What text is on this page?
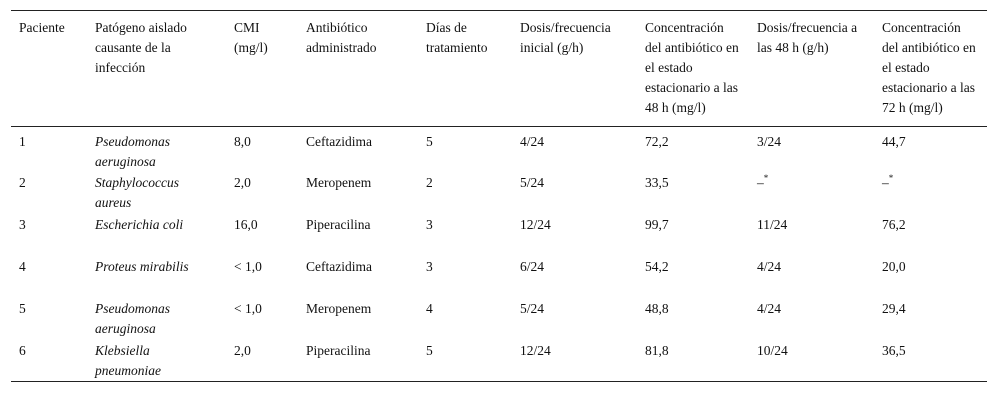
Paciente	Patógeno aislado causante de la infección	CMI (mg/l)	Antibiótico administrado	Días de tratamiento	Dosis/frecuencia inicial (g/h)	Concentración del antibiótico en el estado estacionario a las 48 h (mg/l)	Dosis/frecuencia a las 48 h (g/h)	Concentración del antibiótico en el estado estacionario a las 72 h (mg/l)
1	Pseudomonas aeruginosa	8,0	Ceftazidima	5	4/24	72,2	3/24	44,7
2	Staphylococcus aureus	2,0	Meropenem	2	5/24	33,5	–*	–*
3	Escherichia coli	16,0	Piperacilina	3	12/24	99,7	11/24	76,2
4	Proteus mirabilis	< 1,0	Ceftazidima	3	6/24	54,2	4/24	20,0
5	Pseudomonas aeruginosa	< 1,0	Meropenem	4	5/24	48,8	4/24	29,4
6	Klebsiella pneumoniae	2,0	Piperacilina	5	12/24	81,8	10/24	36,5
